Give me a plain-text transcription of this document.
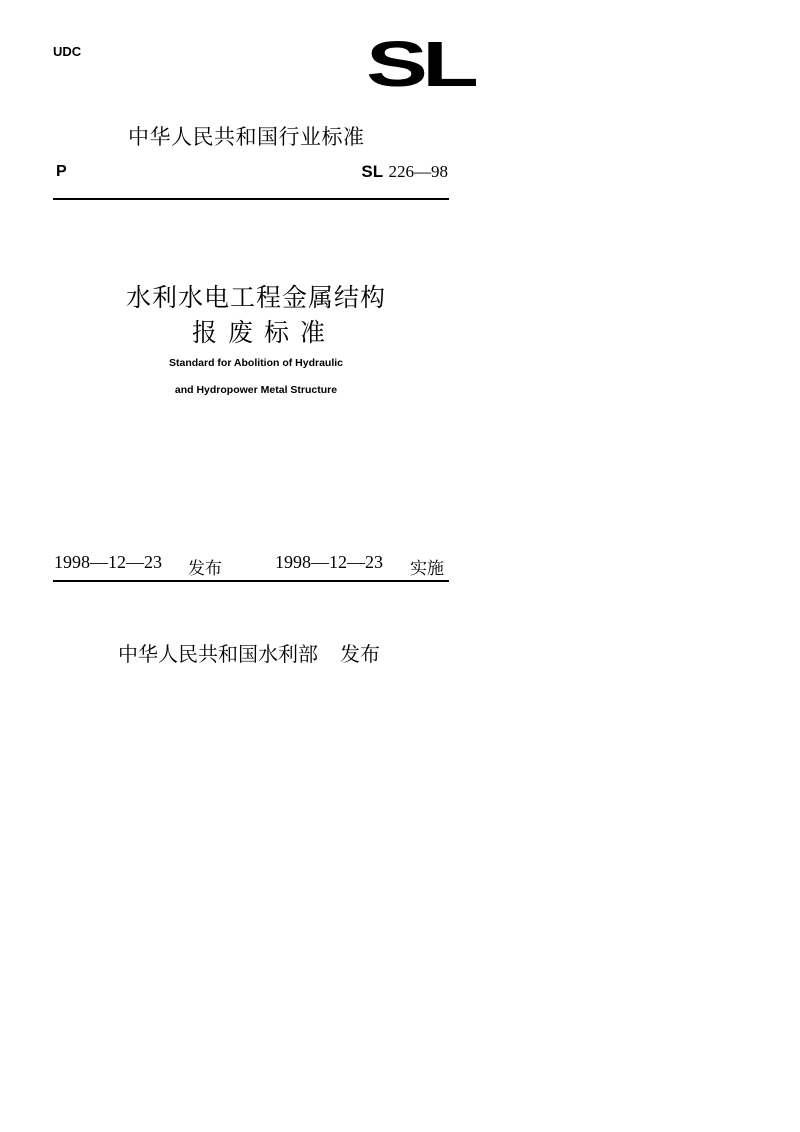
UDC	SL
中华人民共和国行业标准
P	SL 226—98
水利水电工程金属结构
报废标准
Standard for Abolition of Hydraulic
and Hydropower Metal Structure
1998—12—23 发布	1998—12—23 实施
中华人民共和国水利部 发布
